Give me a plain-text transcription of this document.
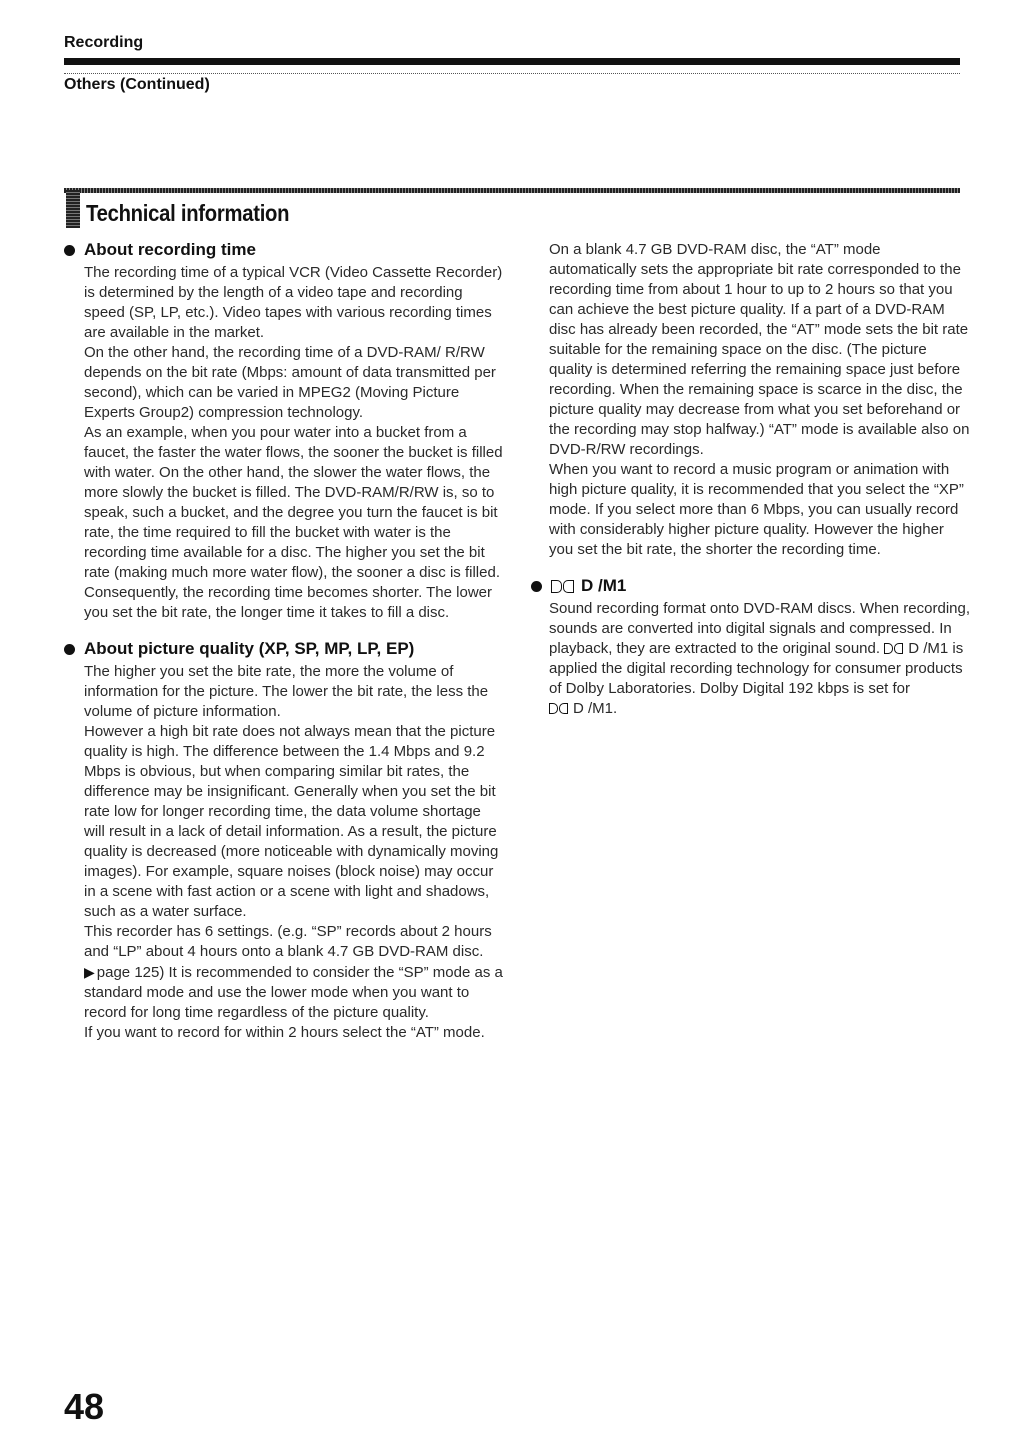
Recording
Others (Continued)
Technical information
About recording time

The recording time of a typical VCR (Video Cassette Recorder) is determined by the length of a video tape and recording speed (SP, LP, etc.). Video tapes with various recording times are available in the market.
On the other hand, the recording time of a DVD-RAM/ R/RW depends on the bit rate (Mbps: amount of data transmitted per second), which can be varied in MPEG2 (Moving Picture Experts Group2) compression technology.
As an example, when you pour water into a bucket from a faucet, the faster the water flows, the sooner the bucket is filled with water. On the other hand, the slower the water flows, the more slowly the bucket is filled. The DVD-RAM/R/RW is, so to speak, such a bucket, and the degree you turn the faucet is bit rate, the time required to fill the bucket with water is the recording time available for a disc. The higher you set the bit rate (making much more water flow), the sooner a disc is filled. Consequently, the recording time becomes shorter. The lower you set the bit rate, the longer time it takes to fill a disc.

About picture quality (XP, SP, MP, LP, EP)

The higher you set the bite rate, the more the volume of information for the picture. The lower the bit rate, the less the volume of picture information.
However a high bit rate does not always mean that the picture quality is high. The difference between the 1.4 Mbps and 9.2 Mbps is obvious, but when comparing similar bit rates, the difference may be insignificant. Generally when you set the bit rate low for longer recording time, the data volume shortage will result in a lack of detail information. As a result, the picture quality is decreased (more noticeable with dynamically moving images). For example, square noises (block noise) may occur in a scene with fast action or a scene with light and shadows, such as a water surface.
This recorder has 6 settings. (e.g. “SP” records about 2 hours and “LP” about 4 hours onto a blank 4.7 GB DVD-RAM disc. ▶ page 125) It is recommended to consider the “SP” mode as a standard mode and use the lower mode when you want to record for long time regardless of the picture quality.
If you want to record for within 2 hours select the “AT” mode.

On a blank 4.7 GB DVD-RAM disc, the “AT” mode automatically sets the appropriate bit rate corresponded to the recording time from about 1 hour to up to 2 hours so that you can achieve the best picture quality. If a part of a DVD-RAM disc has already been recorded, the “AT” mode sets the bit rate suitable for the remaining space on the disc. (The picture quality is determined referring the remaining space just before recording. When the remaining space is scarce in the disc, the picture quality may decrease from what you set beforehand or the recording may stop halfway.) “AT” mode is available also on DVD-R/RW recordings.
When you want to record a music program or animation with high picture quality, it is recommended that you select the “XP” mode. If you select more than 6 Mbps, you can usually record with considerably higher picture quality. However the higher you set the bit rate, the shorter the recording time.

D /M1

Sound recording format onto DVD-RAM discs. When recording, sounds are converted into digital signals and compressed. In playback, they are extracted to the original sound. D /M1 is applied the digital recording technology for consumer products of Dolby Laboratories. Dolby Digital 192 kbps is set for
D /M1.

48
